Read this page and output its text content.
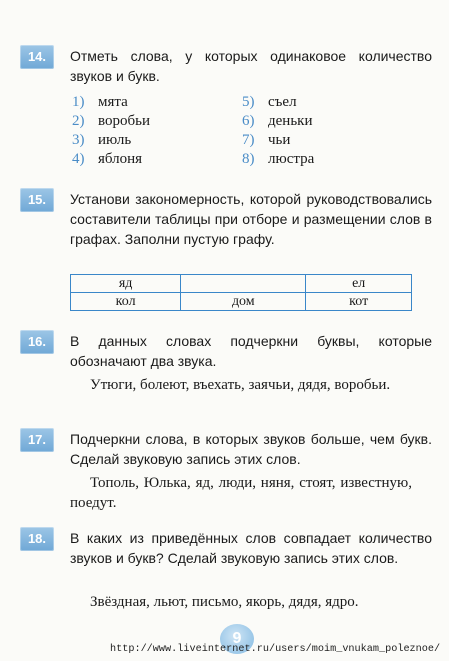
14.	Отметь слова, у которых одинаковое количество звуков и букв.
1) мята	5) съел
2) воробьи	6) деньки
3) июль	7) чьи
4) яблоня	8) люстра
15.	Установи закономерность, которой руководствовались составители таблицы при отборе и размещении слов в графах. Заполни пустую графу.
яд		ел
кол	дом	кот
16.	В данных словах подчеркни буквы, которые обозначают два звука.
Утюги, болеют, въехать, заячьи, дядя, воробьи.
17.	Подчеркни слова, в которых звуков больше, чем букв. Сделай звуковую запись этих слов.
Тополь, Юлька, яд, люди, няня, стоят, известную, поедут.
18.	В каких из приведённых слов совпадает количество звуков и букв? Сделай звуковую запись этих слов.
Звёздная, льют, письмо, якорь, дядя, ядро.
9
http://www.liveinternet.ru/users/moim_vnukam_poleznoe/
